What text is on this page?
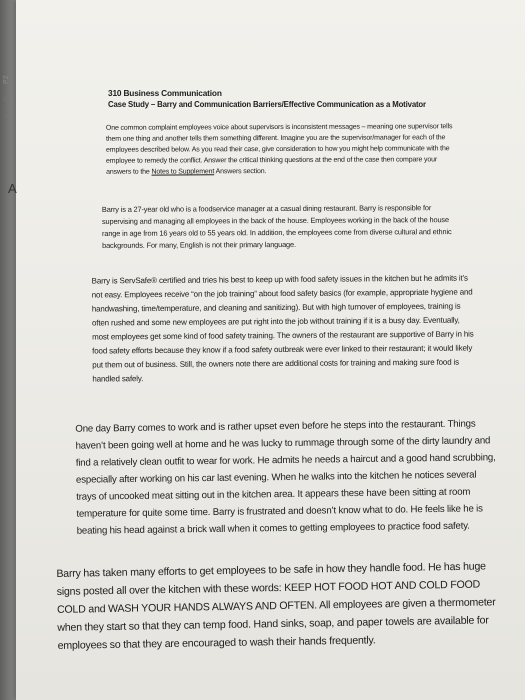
P2
G
J
A
310 Business Communication
Case Study – Barry and Communication Barriers/Effective Communication as a Motivator
One common complaint employees voice about supervisors is inconsistent messages – meaning one supervisor tells them one thing and another tells them something different. Imagine you are the supervisor/manager for each of the employees described below. As you read their case, give consideration to how you might help communicate with the employee to remedy the conflict. Answer the critical thinking questions at the end of the case then compare your answers to the Notes to Supplement Answers section.
Barry is a 27-year old who is a foodservice manager at a casual dining restaurant. Barry is responsible for supervising and managing all employees in the back of the house. Employees working in the back of the house range in age from 16 years old to 55 years old. In addition, the employees come from diverse cultural and ethnic backgrounds. For many, English is not their primary language.
Barry is ServSafe® certified and tries his best to keep up with food safety issues in the kitchen but he admits it’s not easy. Employees receive “on the job training” about food safety basics (for example, appropriate hygiene and handwashing, time/temperature, and cleaning and sanitizing). But with high turnover of employees, training is often rushed and some new employees are put right into the job without training if it is a busy day. Eventually, most employees get some kind of food safety training. The owners of the restaurant are supportive of Barry in his food safety efforts because they know if a food safety outbreak were ever linked to their restaurant; it would likely put them out of business. Still, the owners note there are additional costs for training and making sure food is handled safely.
One day Barry comes to work and is rather upset even before he steps into the restaurant. Things haven’t been going well at home and he was lucky to rummage through some of the dirty laundry and find a relatively clean outfit to wear for work. He admits he needs a haircut and a good hand scrubbing, especially after working on his car last evening. When he walks into the kitchen he notices several trays of uncooked meat sitting out in the kitchen area. It appears these have been sitting at room temperature for quite some time. Barry is frustrated and doesn’t know what to do. He feels like he is beating his head against a brick wall when it comes to getting employees to practice food safety.
Barry has taken many efforts to get employees to be safe in how they handle food. He has huge signs posted all over the kitchen with these words: KEEP HOT FOOD HOT AND COLD FOOD COLD and WASH YOUR HANDS ALWAYS AND OFTEN. All employees are given a thermometer when they start so that they can temp food. Hand sinks, soap, and paper towels are available for employees so that they are encouraged to wash their hands frequently.
